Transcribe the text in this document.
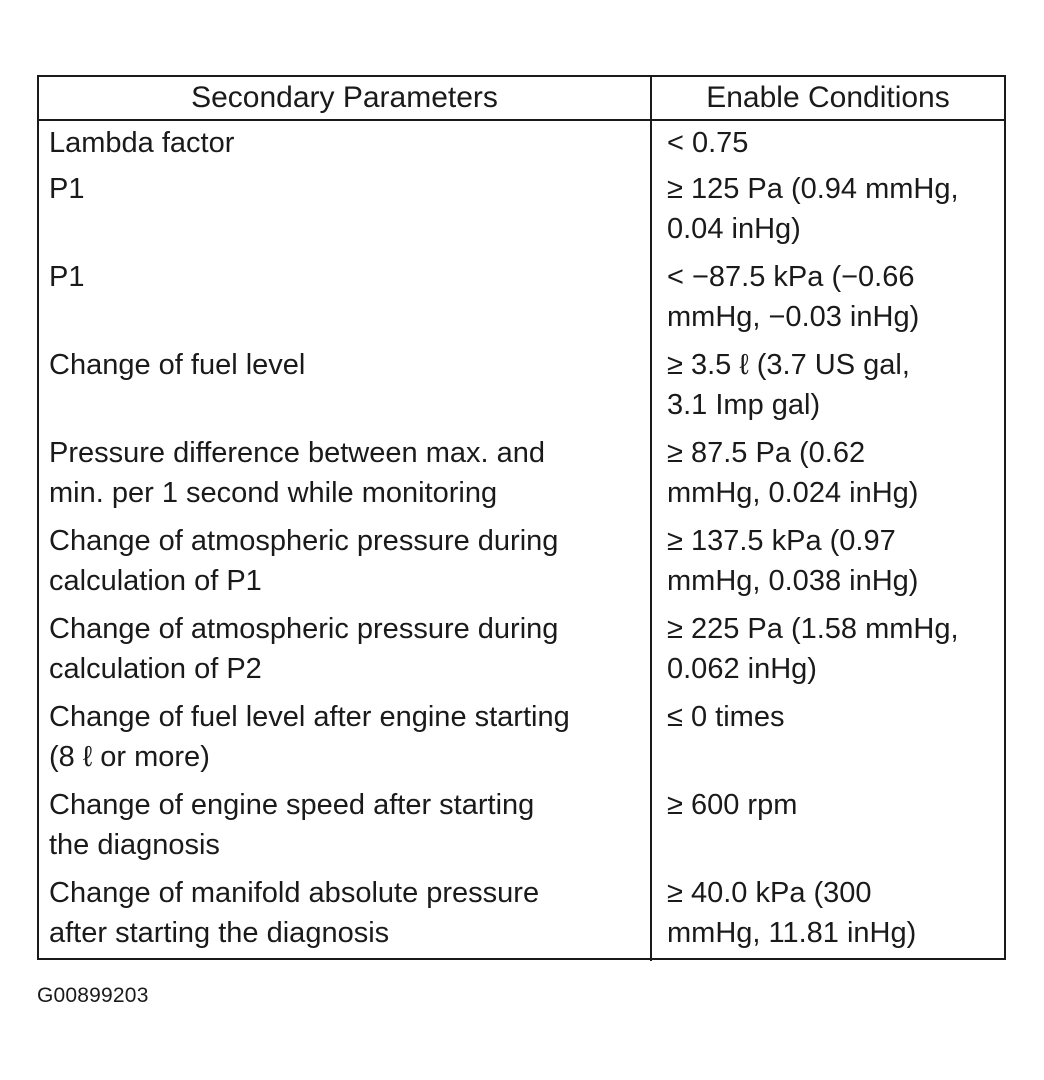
Secondary Parameters	Enable Conditions
Lambda factor	< 0.75
P1	≥ 125 Pa (0.94 mmHg,
0.04 inHg)
P1	< −87.5 kPa (−0.66
mmHg, −0.03 inHg)
Change of fuel level	≥ 3.5 ℓ (3.7 US gal,
3.1 Imp gal)
Pressure difference between max. and
min. per 1 second while monitoring	≥ 87.5 Pa (0.62
mmHg, 0.024 inHg)
Change of atmospheric pressure during
calculation of P1	≥ 137.5 kPa (0.97
mmHg, 0.038 inHg)
Change of atmospheric pressure during
calculation of P2	≥ 225 Pa (1.58 mmHg,
0.062 inHg)
Change of fuel level after engine starting
(8 ℓ or more)	≤ 0 times
Change of engine speed after starting
the diagnosis	≥ 600 rpm
Change of manifold absolute pressure
after starting the diagnosis	≥ 40.0 kPa (300
mmHg, 11.81 inHg)
G00899203
